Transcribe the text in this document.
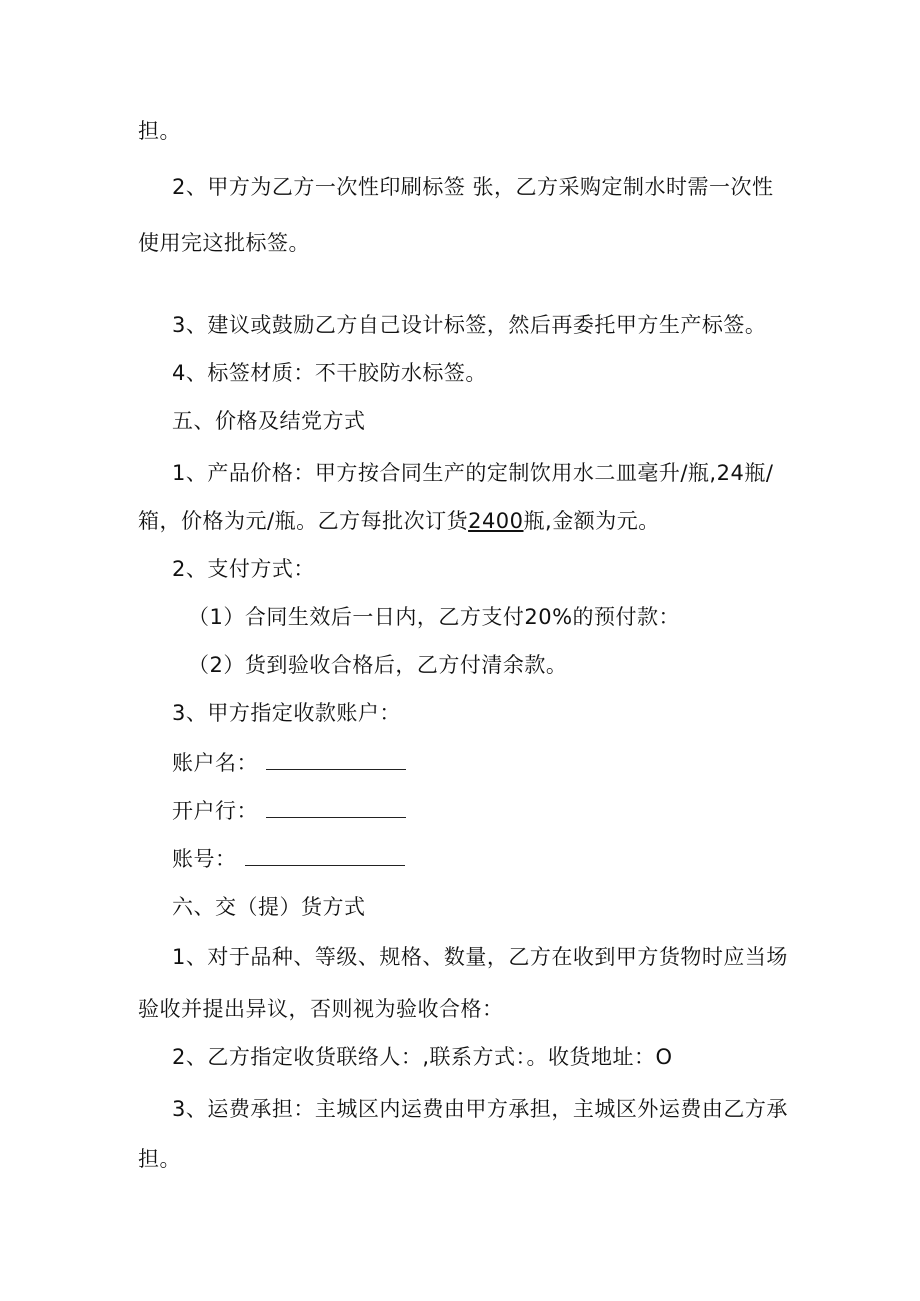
担。
2、甲方为乙方一次性印刷标签 张，乙方采购定制水时需一次性
使用完这批标签。
3、建议或鼓励乙方自己设计标签，然后再委托甲方生产标签。
4、标签材质：不干胶防水标签。
五、价格及结党方式
1、产品价格：甲方按合同生产的定制饮用水二皿毫升/瓶,24瓶/
箱，价格为元/瓶。乙方每批次订货2400瓶,金额为元。
2、支付方式：
（1）合同生效后一日内，乙方支付20%的预付款：
（2）货到验收合格后，乙方付清余款。
3、甲方指定收款账户：
账户名：
开户行：
账号：
六、交（提）货方式
1、对于品种、等级、规格、数量，乙方在收到甲方货物时应当场
验收并提出异议，否则视为验收合格：
2、乙方指定收货联络人：,联系方式：。收货地址：O
3、运费承担：主城区内运费由甲方承担，主城区外运费由乙方承
担。
